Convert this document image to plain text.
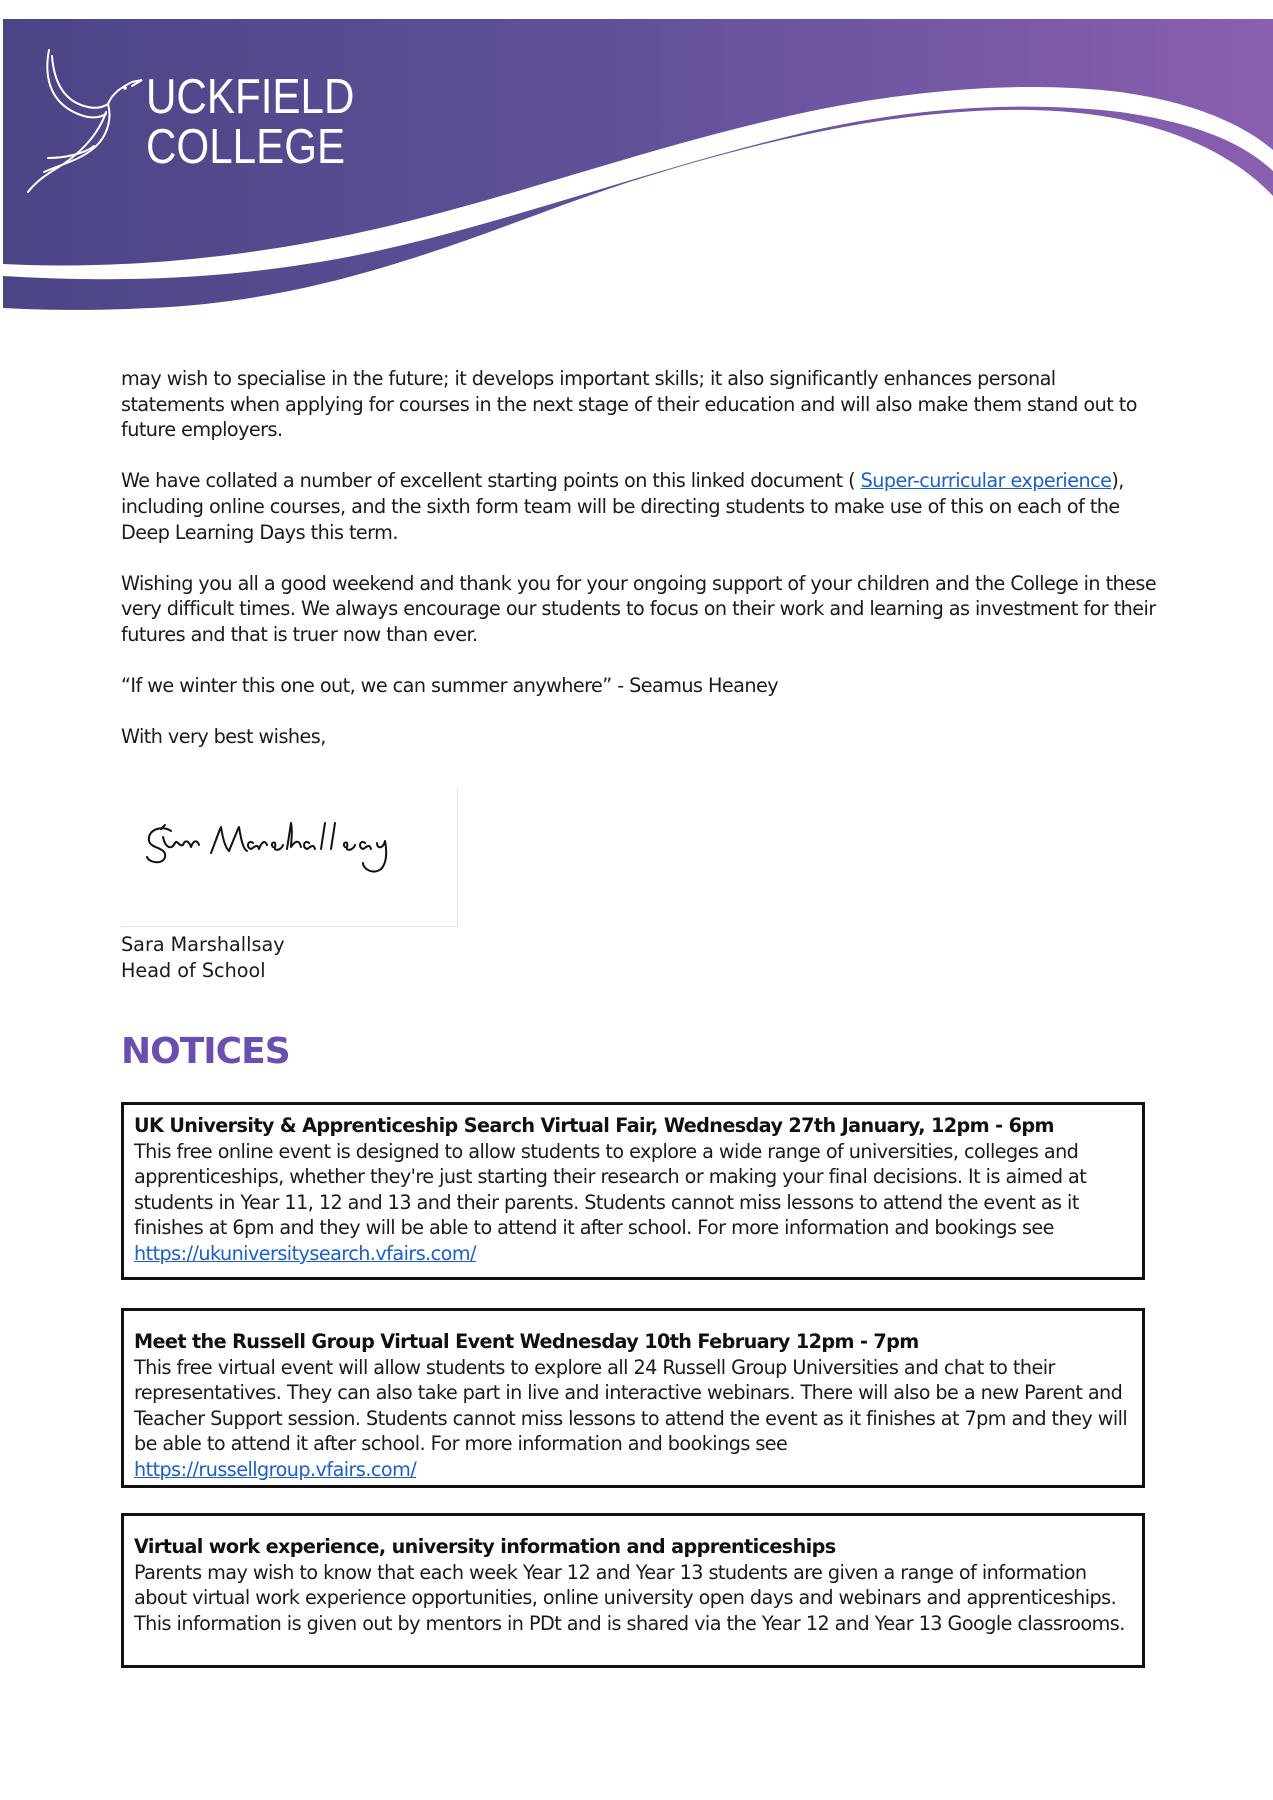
UCKFIELD
COLLEGE

may wish to specialise in the future; it develops important skills; it also significantly enhances personal statements when applying for courses in the next stage of their education and will also make them stand out to future employers.

We have collated a number of excellent starting points on this linked document ( Super-curricular experience), including online courses, and the sixth form team will be directing students to make use of this on each of the Deep Learning Days this term.

Wishing you all a good weekend and thank you for your ongoing support of your children and the College in these very difficult times. We always encourage our students to focus on their work and learning as investment for their futures and that is truer now than ever.

“If we winter this one out, we can summer anywhere” - Seamus Heaney

With very best wishes,

Sara Marshallsay
Head of School
NOTICES
UK University & Apprenticeship Search Virtual Fair, Wednesday 27th January, 12pm - 6pm
This free online event is designed to allow students to explore a wide range of universities, colleges and apprenticeships, whether they're just starting their research or making your final decisions. It is aimed at students in Year 11, 12 and 13 and their parents. Students cannot miss lessons to attend the event as it finishes at 6pm and they will be able to attend it after school. For more information and bookings see
https://ukuniversitysearch.vfairs.com/
Meet the Russell Group Virtual Event Wednesday 10th February 12pm - 7pm
This free virtual event will allow students to explore all 24 Russell Group Universities and chat to their representatives. They can also take part in live and interactive webinars. There will also be a new Parent and Teacher Support session. Students cannot miss lessons to attend the event as it finishes at 7pm and they will be able to attend it after school. For more information and bookings see
https://russellgroup.vfairs.com/
Virtual work experience, university information and apprenticeships
Parents may wish to know that each week Year 12 and Year 13 students are given a range of information about virtual work experience opportunities, online university open days and webinars and apprenticeships. This information is given out by mentors in PDt and is shared via the Year 12 and Year 13 Google classrooms.
